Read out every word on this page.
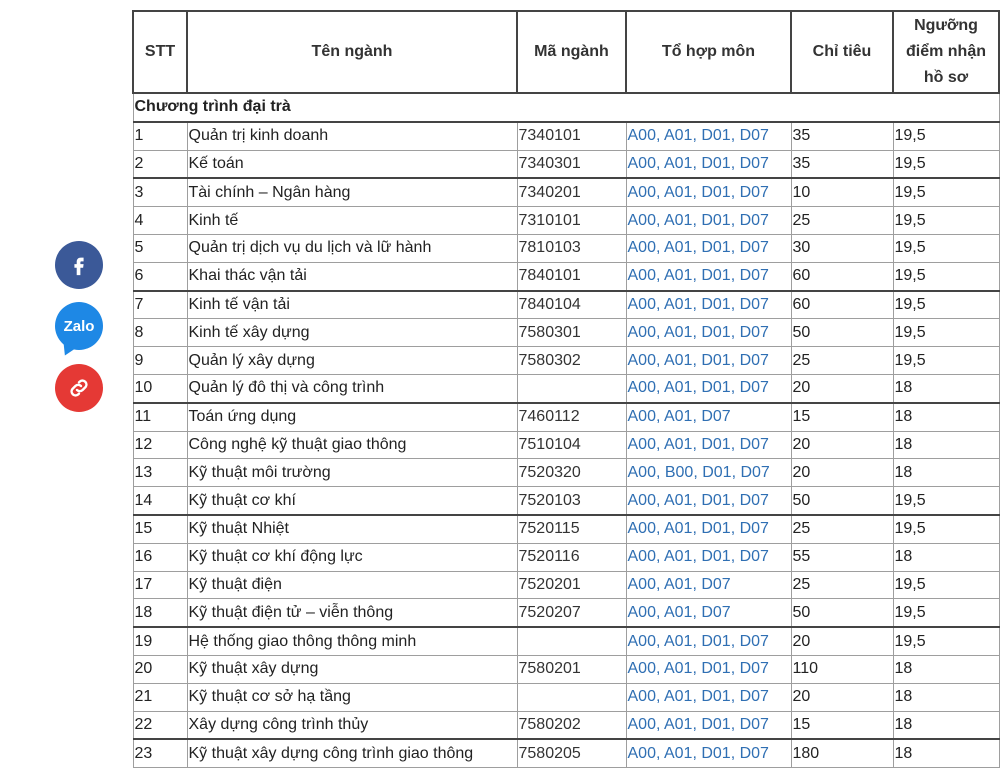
Zalo
STT	Tên ngành	Mã ngành	Tổ hợp môn	Chỉ tiêu	Ngưỡng điểm nhận hồ sơ
Chương trình đại trà					
1	Quản trị kinh doanh	7340101	A00, A01, D01, D07	35	19,5
2	Kế toán	7340301	A00, A01, D01, D07	35	19,5
3	Tài chính – Ngân hàng	7340201	A00, A01, D01, D07	10	19,5
4	Kinh tế	7310101	A00, A01, D01, D07	25	19,5
5	Quản trị dịch vụ du lịch và lữ hành	7810103	A00, A01, D01, D07	30	19,5
6	Khai thác vận tải	7840101	A00, A01, D01, D07	60	19,5
7	Kinh tế vận tải	7840104	A00, A01, D01, D07	60	19,5
8	Kinh tế xây dựng	7580301	A00, A01, D01, D07	50	19,5
9	Quản lý xây dựng	7580302	A00, A01, D01, D07	25	19,5
10	Quản lý đô thị và công trình		A00, A01, D01, D07	20	18
11	Toán ứng dụng	7460112	A00, A01, D07	15	18
12	Công nghệ kỹ thuật giao thông	7510104	A00, A01, D01, D07	20	18
13	Kỹ thuật môi trường	7520320	A00, B00, D01, D07	20	18
14	Kỹ thuật cơ khí	7520103	A00, A01, D01, D07	50	19,5
15	Kỹ thuật Nhiệt	7520115	A00, A01, D01, D07	25	19,5
16	Kỹ thuật cơ khí động lực	7520116	A00, A01, D01, D07	55	18
17	Kỹ thuật điện	7520201	A00, A01, D07	25	19,5
18	Kỹ thuật điện tử – viễn thông	7520207	A00, A01, D07	50	19,5
19	Hệ thống giao thông thông minh		A00, A01, D01, D07	20	19,5
20	Kỹ thuật xây dựng	7580201	A00, A01, D01, D07	110	18
21	Kỹ thuật cơ sở hạ tầng		A00, A01, D01, D07	20	18
22	Xây dựng công trình thủy	7580202	A00, A01, D01, D07	15	18
23	Kỹ thuật xây dựng công trình giao thông	7580205	A00, A01, D01, D07	180	18
